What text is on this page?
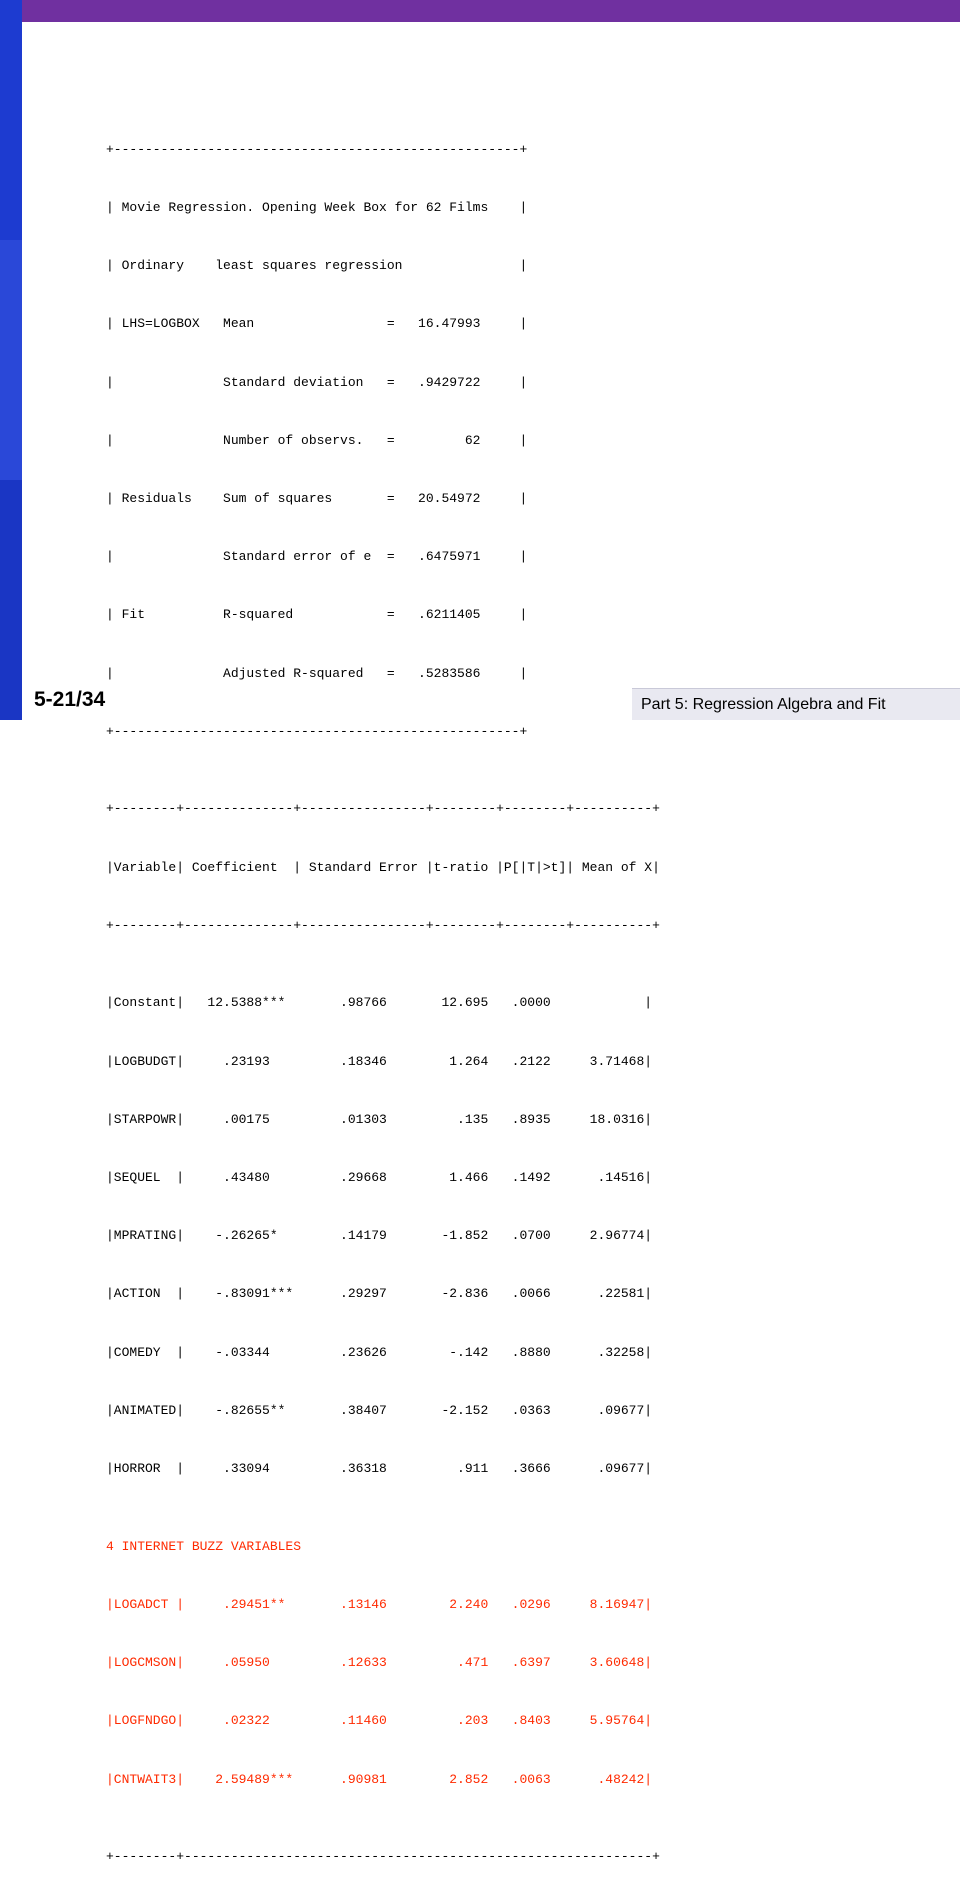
+----------------------------------------------------+

| Movie Regression. Opening Week Box for 62 Films    |

| Ordinary    least squares regression               |

| LHS=LOGBOX   Mean                 =   16.47993     |

|              Standard deviation   =   .9429722     |

|              Number of observs.   =         62     |

| Residuals    Sum of squares       =   20.54972     |

|              Standard error of e  =   .6475971     |

| Fit          R-squared            =   .6211405     |

|              Adjusted R-squared   =   .5283586     |

+----------------------------------------------------+

+--------+--------------+----------------+--------+--------+----------+

|Variable| Coefficient  | Standard Error |t-ratio |P[|T|>t]| Mean of X|

+--------+--------------+----------------+--------+--------+----------+

|Constant|   12.5388***       .98766       12.695   .0000            |

|LOGBUDGT|     .23193         .18346        1.264   .2122     3.71468|

|STARPOWR|     .00175         .01303         .135   .8935     18.0316|

|SEQUEL  |     .43480         .29668        1.466   .1492      .14516|

|MPRATING|    -.26265*        .14179       -1.852   .0700     2.96774|

|ACTION  |    -.83091***      .29297       -2.836   .0066      .22581|

|COMEDY  |    -.03344         .23626        -.142   .8880      .32258|

|ANIMATED|    -.82655**       .38407       -2.152   .0363      .09677|

|HORROR  |     .33094         .36318         .911   .3666      .09677|

4 INTERNET BUZZ VARIABLES

|LOGADCT |     .29451**       .13146        2.240   .0296     8.16947|

|LOGCMSON|     .05950         .12633         .471   .6397     3.60648|

|LOGFNDGO|     .02322         .11460         .203   .8403     5.95764|

|CNTWAIT3|    2.59489***      .90981        2.852   .0063      .48242|

+--------+------------------------------------------------------------+

5-21/34	Part 5: Regression Algebra and Fit
